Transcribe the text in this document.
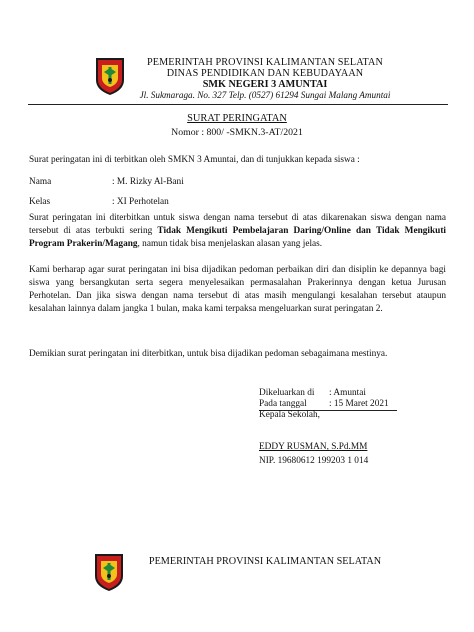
PEMERINTAH PROVINSI KALIMANTAN SELATAN
DINAS PENDIDIKAN DAN KEBUDAYAAN
SMK NEGERI 3 AMUNTAI
Jl. Sukmaraga. No. 327 Telp. (0527) 61294 Sungai Malang Amuntai
SURAT PERINGATAN
Nomor : 800/ -SMKN.3-AT/2021
Surat peringatan ini di terbitkan oleh SMKN 3 Amuntai, dan di tunjukkan kepada siswa :
Nama	: M. Rizky Al-Bani
Kelas	: XI Perhotelan
Surat peringatan ini diterbitkan untuk siswa dengan nama tersebut di atas dikarenakan siswa dengan nama tersebut di atas terbukti sering Tidak Mengikuti Pembelajaran Daring/Online dan Tidak Mengikuti Program Prakerin/Magang, namun tidak bisa menjelaskan alasan yang jelas.
Kami berharap agar surat peringatan ini bisa dijadikan pedoman perbaikan diri dan disiplin ke depannya bagi siswa yang bersangkutan serta segera menyelesaikan permasalahan Prakerinnya dengan ketua Jurusan Perhotelan. Dan jika siswa dengan nama tersebut di atas masih mengulangi kesalahan tersebut ataupun kesalahan lainnya dalam jangka 1 bulan, maka kami terpaksa mengeluarkan surat peringatan 2.
Demikian surat peringatan ini diterbitkan, untuk bisa dijadikan pedoman sebagaimana mestinya.
Dikeluarkan di : Amuntai
Pada tanggal : 15 Maret 2021
Kepala Sekolah,
EDDY RUSMAN, S.Pd.MM
NIP. 19680612 199203 1 014
PEMERINTAH PROVINSI KALIMANTAN SELATAN
